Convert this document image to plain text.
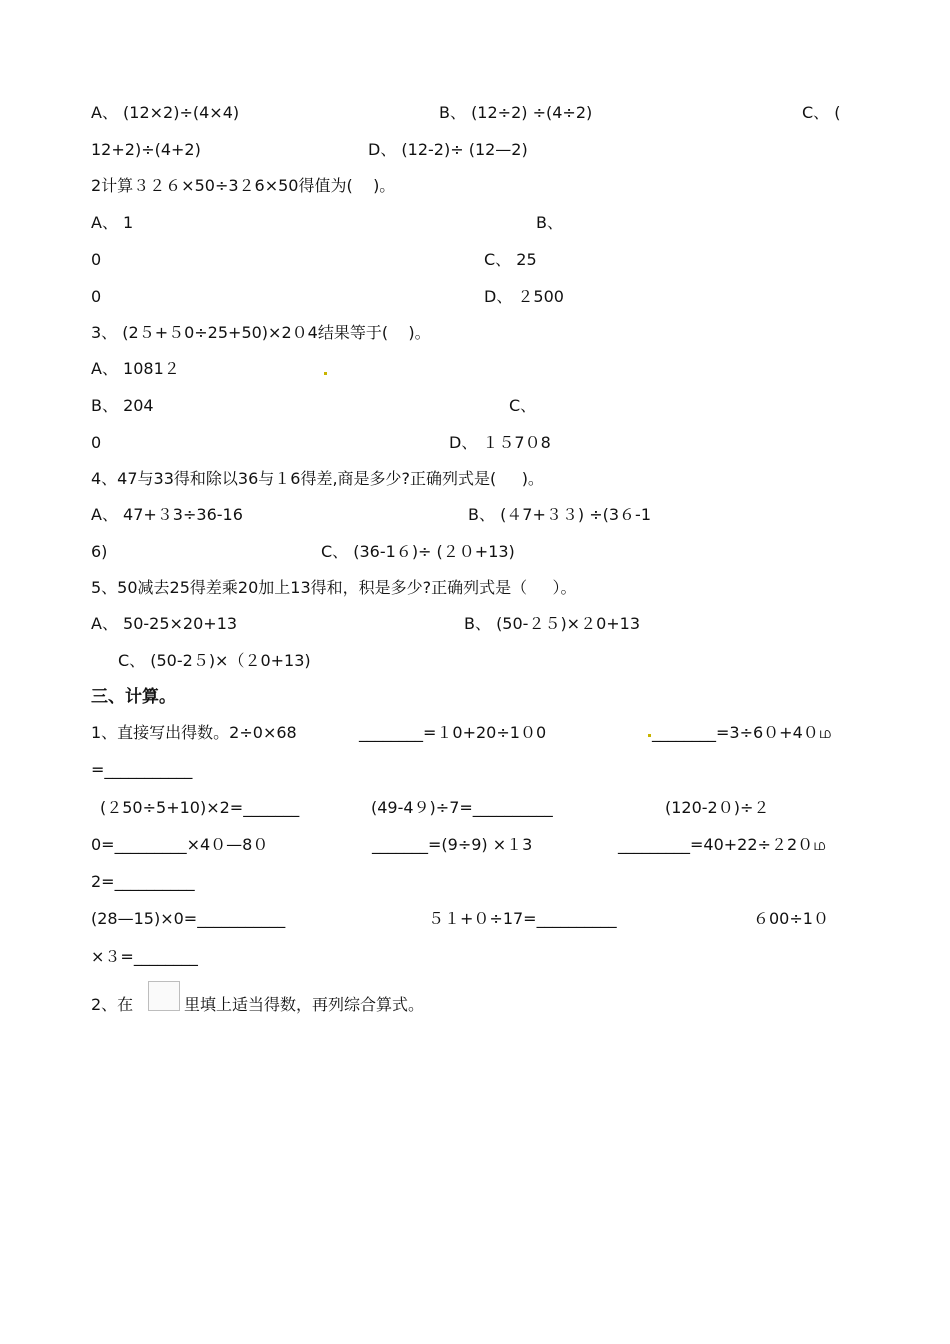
A、 (12×2)÷(4×4)	B、 (12÷2) ÷(4÷2)	C、 (
12+2)÷(4+2)	D、 (12-2)÷ (12—2)
2计算３２６×50÷3２6×50得值为(    )。
A、 1	B、
0	C、 25
0	D、 ２500
3、 (2５+５0÷25+50)×2０4结果等于(    )。
A、 1081２
B、 204	C、
0	D、 １５7０8
4、47与33得和除以36与１6得差,商是多少?正确列式是(     )。
A、 47+３3÷36-16	B、 (４7+３３) ÷(3６-1
6)	C、 (36-1６)÷ (２０+13)
5、50减去25得差乘20加上13得和，积是多少?正确列式是（     ）。
A、 50-25×20+13	B、 (50-２５)×２0+13
C、 (50-2５)×（２0+13)
三、计算。
1、直接写出得数。2÷0×68	________=１0+20÷1０0	________=3÷6０+4０ம
=___________
(２50÷5+10)×2=_______	(49-4９)÷7=__________	(120-2０)÷２
0=_________×4０—8０	_______=(9÷9) ×１3	_________=40+22÷２2０ம
2=__________
(28—15)×0=___________	５１+０÷17=__________	６00÷1０
×３=________
2、在	里填上适当得数，再列综合算式。
